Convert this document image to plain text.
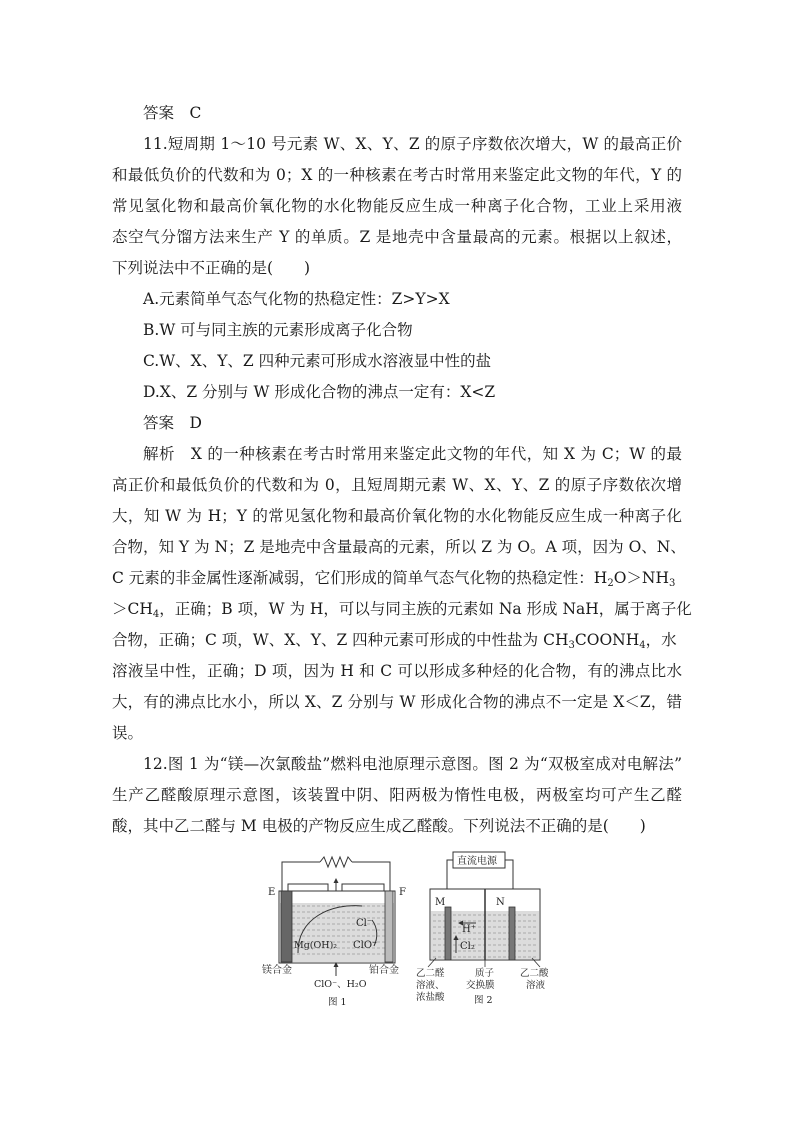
答案　C
11.短周期 1～10 号元素 W、X、Y、Z 的原子序数依次增大，W 的最高正价
和最低负价的代数和为 0；X 的一种核素在考古时常用来鉴定此文物的年代，Y 的
常见氢化物和最高价氧化物的水化物能反应生成一种离子化合物，工业上采用液
态空气分馏方法来生产 Y 的单质。Z 是地壳中含量最高的元素。根据以上叙述，
下列说法中不正确的是(　　)
A.元素简单气态气化物的热稳定性：Z>Y>X
B.W 可与同主族的元素形成离子化合物
C.W、X、Y、Z 四种元素可形成水溶液显中性的盐
D.X、Z 分别与 W 形成化合物的沸点一定有：X<Z
答案　D
解析　X 的一种核素在考古时常用来鉴定此文物的年代，知 X 为 C；W 的最
高正价和最低负价的代数和为 0，且短周期元素 W、X、Y、Z 的原子序数依次增
大，知 W 为 H；Y 的常见氢化物和最高价氧化物的水化物能反应生成一种离子化
合物，知 Y 为 N；Z 是地壳中含量最高的元素，所以 Z 为 O。A 项，因为 O、N、
C 元素的非金属性逐渐减弱，它们形成的简单气态气化物的热稳定性：$H_2O>NH_3$
$>CH_4$，正确；B 项，W 为 H，可以与同主族的元素如 Na 形成 NaH，属于离子化
合物，正确；C 项，W、X、Y、Z 四种元素可形成的中性盐为 $CH_3COONH_4$，水
溶液呈中性，正确；D 项，因为 H 和 C 可以形成多种烃的化合物，有的沸点比水
大，有的沸点比水小，所以 X、Z 分别与 W 形成化合物的沸点不一定是 X＜Z，错
误。
12.图 1 为“镁—次氯酸盐”燃料电池原理示意图。图 2 为“双极室成对电解法”
生产乙醛酸原理示意图，该装置中阴、阳两极为惰性电极，两极室均可产生乙醛
酸，其中乙二醛与 M 电极的产物反应生成乙醛酸。下列说法不正确的是(　　)
E	F
Cl⁻
ClO⁻
Mg(OH)₂
镁合金	铂合金
ClO⁻、H₂O
图 1
直流电源
M	N
H⁺
Cl₂
乙二醛
溶液、
浓盐酸
质子
交换膜
乙二酸
溶液
图 2
